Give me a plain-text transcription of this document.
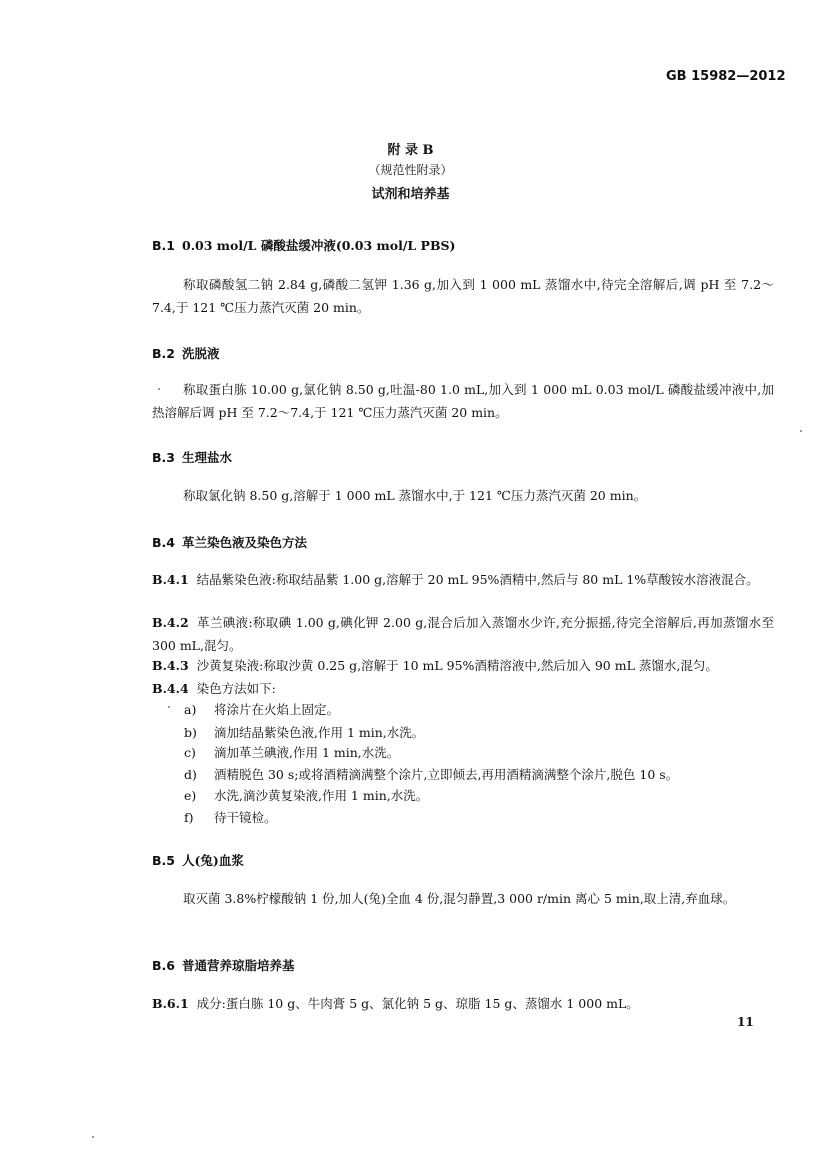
GB 15982—2012
附 录 B
（规范性附录）
试剂和培养基
B.1 0.03 mol/L 磷酸盐缓冲液(0.03 mol/L PBS)
称取磷酸氢二钠 2.84 g,磷酸二氢钾 1.36 g,加入到 1 000 mL 蒸馏水中,待完全溶解后,调 pH 至 7.2～7.4,于 121 ℃压力蒸汽灭菌 20 min。
B.2 洗脱液
称取蛋白胨 10.00 g,氯化钠 8.50 g,吐温-80 1.0 mL,加入到 1 000 mL 0.03 mol/L 磷酸盐缓冲液中,加热溶解后调 pH 至 7.2～7.4,于 121 ℃压力蒸汽灭菌 20 min。
B.3 生理盐水
称取氯化钠 8.50 g,溶解于 1 000 mL 蒸馏水中,于 121 ℃压力蒸汽灭菌 20 min。
B.4 革兰染色液及染色方法
B.4.1 结晶紫染色液:称取结晶紫 1.00 g,溶解于 20 mL 95%酒精中,然后与 80 mL 1%草酸铵水溶液混合。
B.4.2 革兰碘液:称取碘 1.00 g,碘化钾 2.00 g,混合后加入蒸馏水少许,充分振摇,待完全溶解后,再加蒸馏水至 300 mL,混匀。
B.4.3 沙黄复染液:称取沙黄 0.25 g,溶解于 10 mL 95%酒精溶液中,然后加入 90 mL 蒸馏水,混匀。
B.4.4 染色方法如下:
a) 将涂片在火焰上固定。
b) 滴加结晶紫染色液,作用 1 min,水洗。
c) 滴加革兰碘液,作用 1 min,水洗。
d) 酒精脱色 30 s;或将酒精滴满整个涂片,立即倾去,再用酒精滴满整个涂片,脱色 10 s。
e) 水洗,滴沙黄复染液,作用 1 min,水洗。
f) 待干镜检。
B.5 人(兔)血浆
取灭菌 3.8%柠檬酸钠 1 份,加人(兔)全血 4 份,混匀静置,3 000 r/min 离心 5 min,取上清,弃血球。
B.6 普通营养琼脂培养基
B.6.1 成分:蛋白胨 10 g、牛肉膏 5 g、氯化钠 5 g、琼脂 15 g、蒸馏水 1 000 mL。
11
